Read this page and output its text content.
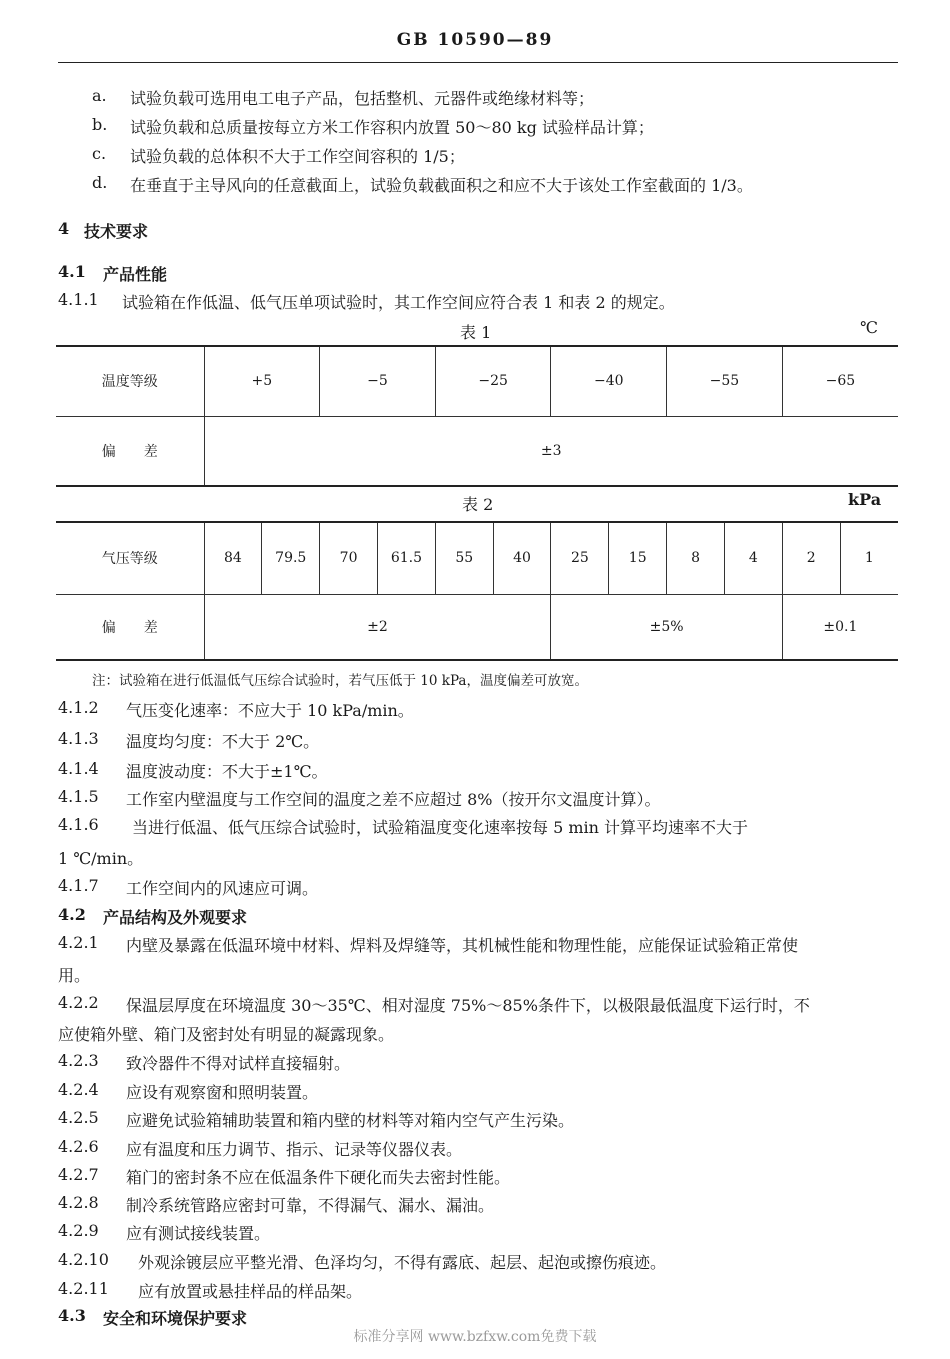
GB 10590—89
a. 试验负载可选用电工电子产品，包括整机、元器件或绝缘材料等；
b. 试验负载和总质量按每立方米工作容积内放置 50～80 kg 试验样品计算；
c. 试验负载的总体积不大于工作空间容积的 1/5；
d. 在垂直于主导风向的任意截面上，试验负载截面积之和应不大于该处工作室截面的 1/3。
4 技术要求
4.1 产品性能
4.1.1 试验箱在作低温、低气压单项试验时，其工作空间应符合表 1 和表 2 的规定。
表 1	℃
温度等级	+5	−5	−25	−40	−55	−65
偏　　差	±3					
表 2	kPa
气压等级	84	79.5	70	61.5	55	40	25	15	8	4	2	1
偏　　差	±2						±5%				±0.1	
注：试验箱在进行低温低气压综合试验时，若气压低于 10 kPa，温度偏差可放宽。
4.1.2 气压变化速率：不应大于 10 kPa/min。
4.1.3 温度均匀度：不大于 2℃。
4.1.4 温度波动度：不大于±1℃。
4.1.5 工作室内壁温度与工作空间的温度之差不应超过 8%（按开尔文温度计算）。
4.1.6 当进行低温、低气压综合试验时，试验箱温度变化速率按每 5 min 计算平均速率不大于
1 ℃/min。
4.1.7 工作空间内的风速应可调。
4.2 产品结构及外观要求
4.2.1 内壁及暴露在低温环境中材料、焊料及焊缝等，其机械性能和物理性能，应能保证试验箱正常使
用。
4.2.2 保温层厚度在环境温度 30～35℃、相对湿度 75%～85%条件下，以极限最低温度下运行时，不
应使箱外壁、箱门及密封处有明显的凝露现象。
4.2.3 致冷器件不得对试样直接辐射。
4.2.4 应设有观察窗和照明装置。
4.2.5 应避免试验箱辅助装置和箱内壁的材料等对箱内空气产生污染。
4.2.6 应有温度和压力调节、指示、记录等仪器仪表。
4.2.7 箱门的密封条不应在低温条件下硬化而失去密封性能。
4.2.8 制冷系统管路应密封可靠，不得漏气、漏水、漏油。
4.2.9 应有测试接线装置。
4.2.10 外观涂镀层应平整光滑、色泽均匀，不得有露底、起层、起泡或擦伤痕迹。
4.2.11 应有放置或悬挂样品的样品架。
4.3 安全和环境保护要求
标准分享网 www.bzfxw.com免费下载
